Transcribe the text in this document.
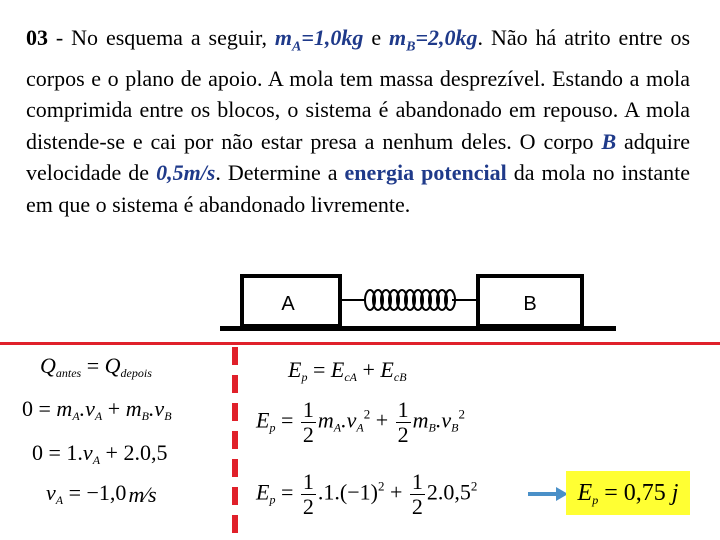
03 - No esquema a seguir, $m_A=1,0kg$ e $m_B=2,0kg$. Não há atrito entre os corpos e o plano de apoio. A mola tem massa desprezível. Estando a mola comprimida entre os blocos, o sistema é abandonado em repouso. A mola distende-se e cai por não estar presa a nenhum deles. O corpo B adquire velocidade de 0,5m/s. Determine a energia potencial da mola no instante em que o sistema é abandonado livremente.
A	B
$Q_{antes} = Q_{depois}$
$0 = m_A.v_A + m_B.v_B$
$0 = 1.v_A + 2.0,5$
$v_A$ = −1,0m⁄s
$E_p = E_{cA} + E_{cB}$
$E_p = \frac{1}{2} m_A.v_A^2 + \frac{1}{2} m_B.v_B^2$
$E_p = \frac{1}{2} .1.(-1)^2 + \frac{1}{2} 2.0,5^2$	$E_p = 0,75$ j
